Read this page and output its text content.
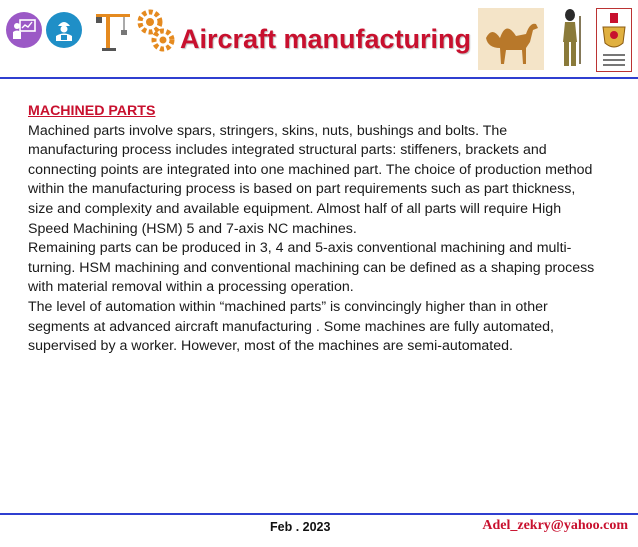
Aircraft manufacturing
MACHINED PARTS
Machined parts involve spars, stringers, skins, nuts, bushings and bolts. The manufacturing process includes integrated structural parts: stiffeners, brackets and connecting points are integrated into one machined part. The choice of production method within the manufacturing process is based on part requirements such as part thickness, size and complexity and available equipment. Almost half of all parts will require High Speed Machining (HSM) 5 and 7-axis NC machines.
Remaining parts can be produced in 3, 4 and 5-axis conventional machining and multi-turning. HSM machining and conventional machining can be defined as a shaping process with material removal within a processing operation.
The level of automation within “machined parts” is convincingly higher than in other segments at advanced aircraft manufacturing . Some machines are fully automated, supervised by a worker. However, most of the machines are semi-automated.
Feb . 2023	Adel_zekry@yahoo.com
